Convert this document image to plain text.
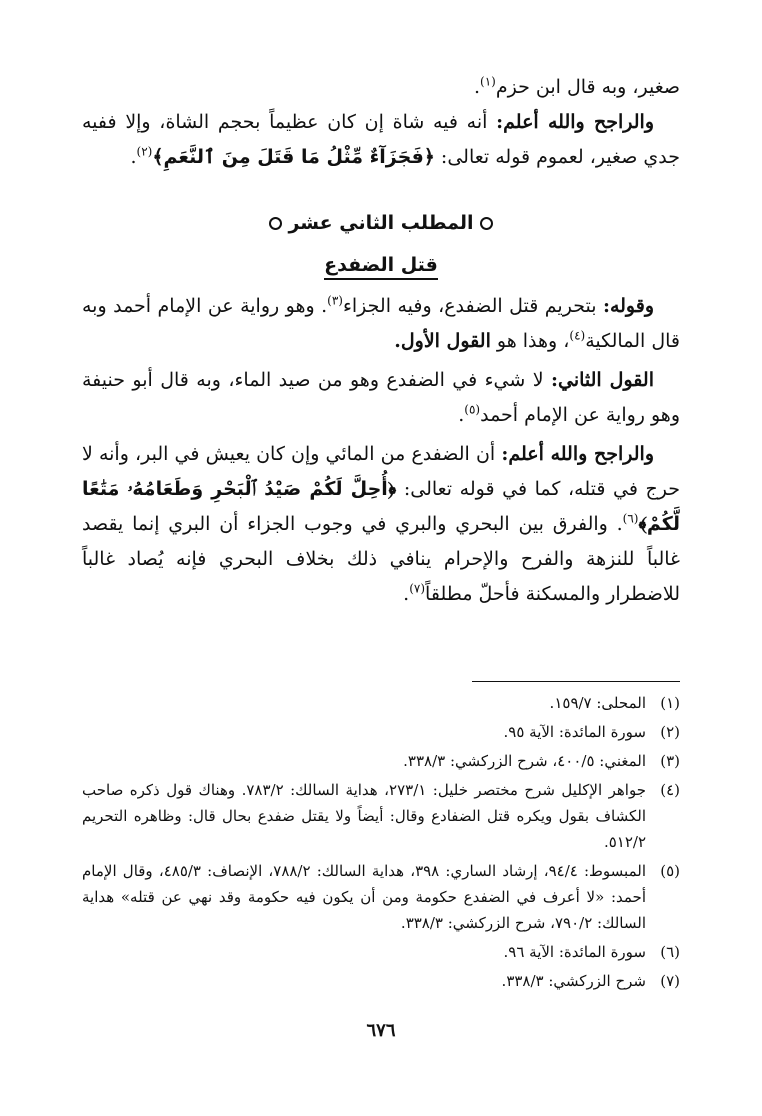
صغير، وبه قال ابن حزم$^{(١)}$.

والراجح والله أعلم: أنه فيه شاة إن كان عظيماً بحجم الشاة، وإلا ففيه جدي صغير، لعموم قوله تعالى: ﴿فَجَزَآءٌ مِّثْلُ مَا قَتَلَ مِنَ ٱلنَّعَمِ﴾$^{(٢)}$.

المطلب الثاني عشر
قتل الضفدع

وقوله: بتحريم قتل الضفدع، وفيه الجزاء$^{(٣)}$. وهو رواية عن الإمام أحمد وبه قال المالكية$^{(٤)}$، وهذا هو القول الأول.

القول الثاني: لا شيء في الضفدع وهو من صيد الماء، وبه قال أبو حنيفة وهو رواية عن الإمام أحمد$^{(٥)}$.

والراجح والله أعلم: أن الضفدع من المائي وإن كان يعيش في البر، وأنه لا حرج في قتله، كما في قوله تعالى: ﴿أُحِلَّ لَكُمْ صَيْدُ ٱلْبَحْرِ وَطَعَامُهُۥ مَتَٰعًا لَّكُمْ﴾$^{(٦)}$. والفرق بين البحري والبري في وجوب الجزاء أن البري إنما يقصد غالباً للنزهة والفرح والإحرام ينافي ذلك بخلاف البحري فإنه يُصاد غالباً للاضطرار والمسكنة فأحلّ مطلقاً$^{(٧)}$.

(١)
المحلى: ١٥٩/٧.
(٢)
سورة المائدة: الآية ٩٥.
(٣)
المغني: ٤٠٠/٥، شرح الزركشي: ٣٣٨/٣.
(٤)
جواهر الإكليل شرح مختصر خليل: ٢٧٣/١، هداية السالك: ٧٨٣/٢. وهناك قول ذكره صاحب الكشاف بقول ويكره قتل الضفادع وقال: أيضاً ولا يقتل ضفدع بحال قال: وظاهره التحريم ٥١٢/٢.
(٥)
المبسوط: ٩٤/٤، إرشاد الساري: ٣٩٨، هداية السالك: ٧٨٨/٢، الإنصاف: ٤٨٥/٣، وقال الإمام أحمد: «لا أعرف في الضفدع حكومة ومن أن يكون فيه حكومة وقد نهي عن قتله» هداية السالك: ٧٩٠/٢، شرح الزركشي: ٣٣٨/٣.
(٦)
سورة المائدة: الآية ٩٦.
(٧)
شرح الزركشي: ٣٣٨/٣.
٦٧٦
